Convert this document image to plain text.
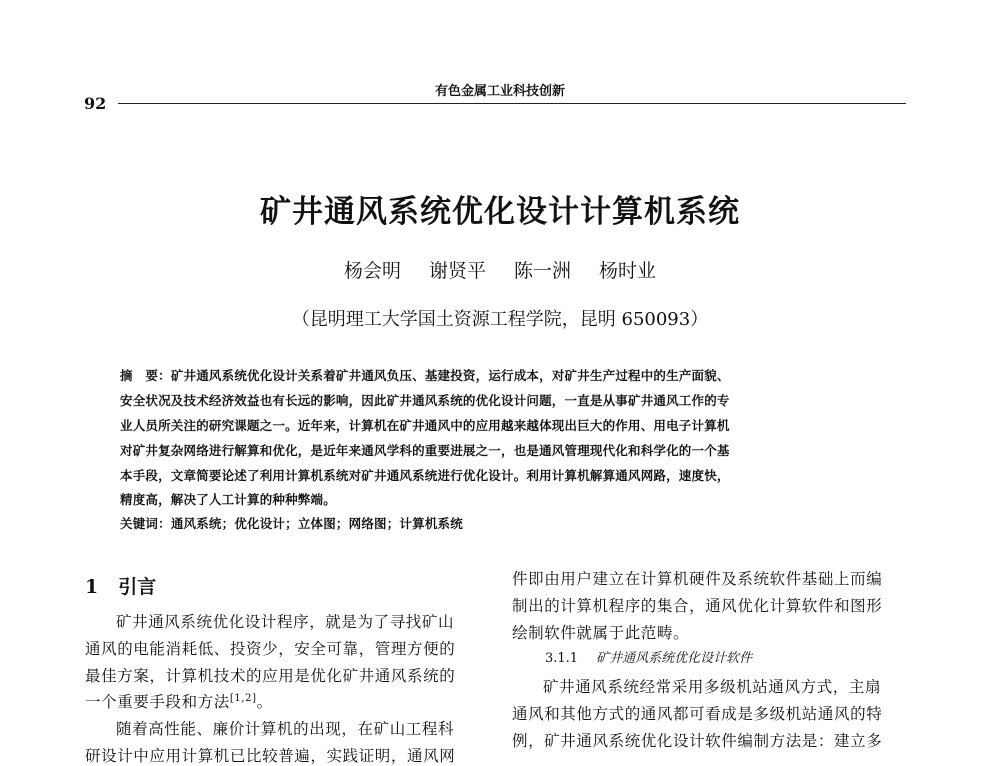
有色金属工业科技创新
92
矿井通风系统优化设计计算机系统
杨会明 谢贤平 陈一洲 杨时业
（昆明理工大学国土资源工程学院，昆明 650093）
摘　要：矿井通风系统优化设计关系着矿井通风负压、基建投资，运行成本，对矿井生产过程中的生产面貌、
安全状况及技术经济效益也有长远的影响，因此矿井通风系统的优化设计问题，一直是从事矿井通风工作的专
业人员所关注的研究课题之一。近年来，计算机在矿井通风中的应用越来越体现出巨大的作用、用电子计算机
对矿井复杂网络进行解算和优化，是近年来通风学科的重要进展之一，也是通风管理现代化和科学化的一个基
本手段，文章简要论述了利用计算机系统对矿井通风系统进行优化设计。利用计算机解算通风网路，速度快，
精度高，解决了人工计算的种种弊端。
关键词：通风系统；优化设计；立体图；网络图；计算机系统
1 引言
矿井通风系统优化设计程序，就是为了寻找矿山
通风的电能消耗低、投资少，安全可靠，管理方便的
最佳方案，计算机技术的应用是优化矿井通风系统的
一个重要手段和方法[1,2]。
随着高性能、廉价计算机的出现，在矿山工程科
研设计中应用计算机已比较普遍，实践证明，通风网
件即由用户建立在计算机硬件及系统软件基础上而编
制出的计算机程序的集合，通风优化计算软件和图形
绘制软件就属于此范畴。
3.1.1 矿井通风系统优化设计软件
矿井通风系统经常采用多级机站通风方式，主扇
通风和其他方式的通风都可看成是多级机站通风的特
例，矿井通风系统优化设计软件编制方法是：建立多
